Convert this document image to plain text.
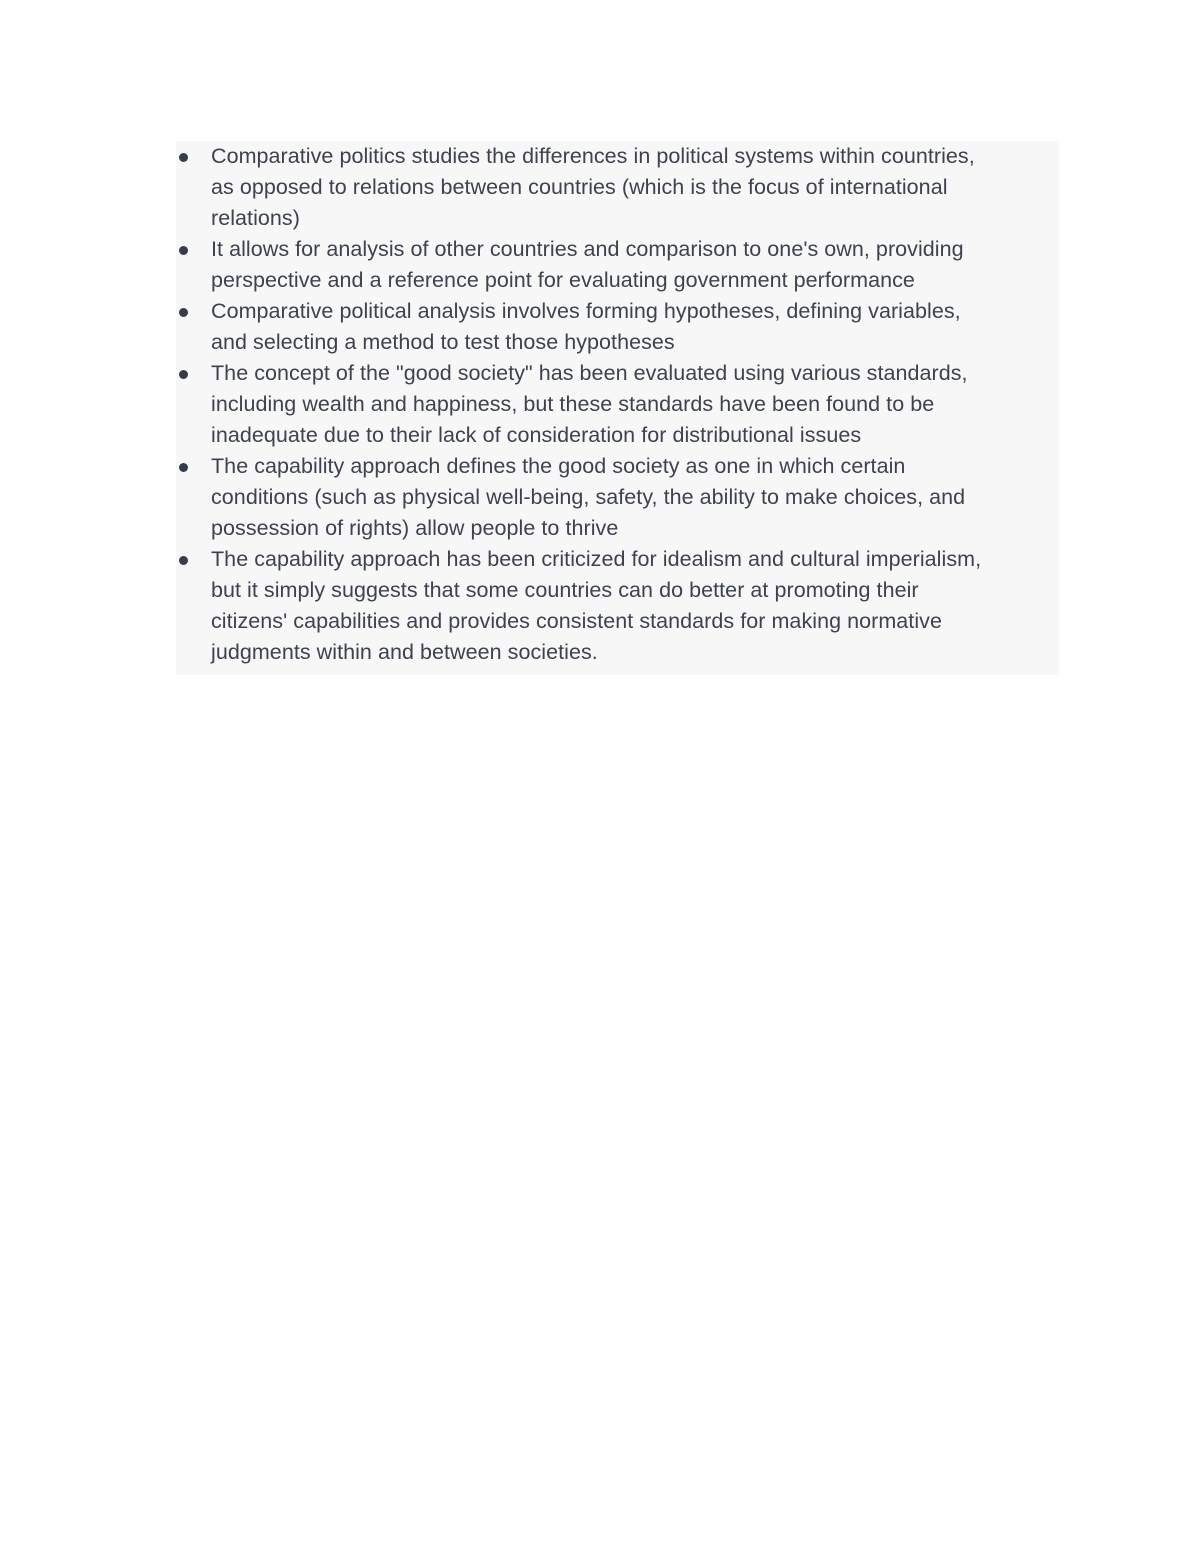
Comparative politics studies the differences in political systems within countries,
as opposed to relations between countries (which is the focus of international
relations)
It allows for analysis of other countries and comparison to one's own, providing
perspective and a reference point for evaluating government performance
Comparative political analysis involves forming hypotheses, defining variables,
and selecting a method to test those hypotheses
The concept of the "good society" has been evaluated using various standards,
including wealth and happiness, but these standards have been found to be
inadequate due to their lack of consideration for distributional issues
The capability approach defines the good society as one in which certain
conditions (such as physical well-being, safety, the ability to make choices, and
possession of rights) allow people to thrive
The capability approach has been criticized for idealism and cultural imperialism,
but it simply suggests that some countries can do better at promoting their
citizens' capabilities and provides consistent standards for making normative
judgments within and between societies.
